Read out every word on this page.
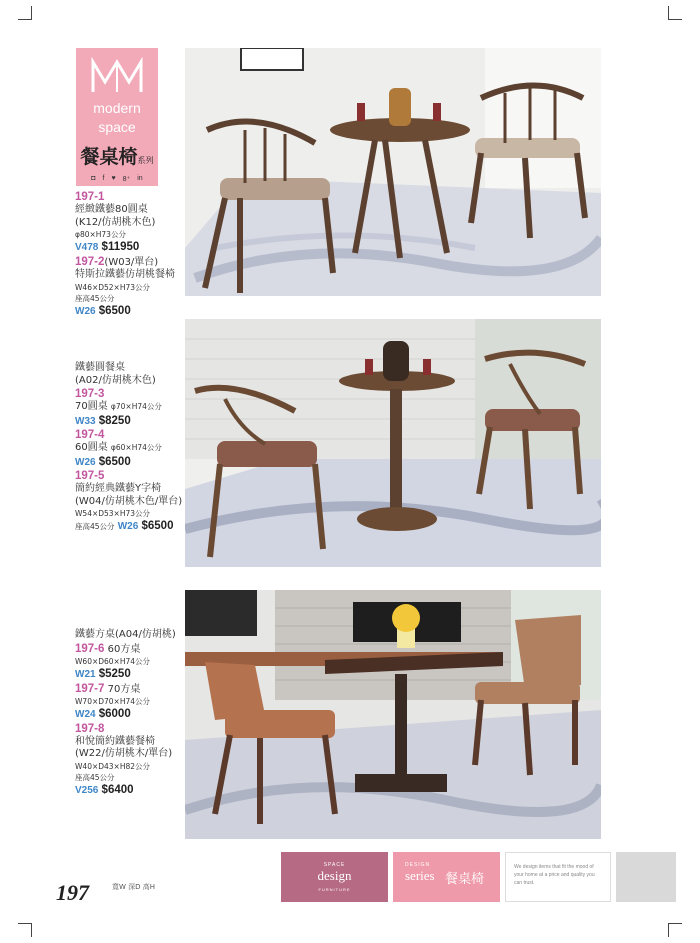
modern
space
餐桌椅系列
◘ f ♥ 8⁺ in
197-1
經緻鐵藝80圓桌
(K12/仿胡桃木色)
φ80×H73公分
V478 $11950
197-2(W03/單台)
特斯拉鐵藝仿胡桃餐椅
W46×D52×H73公分
座高45公分
W26 $6500
鐵藝圓餐桌
(A02/仿胡桃木色)
197-3
70圓桌 φ70×H74公分
W33 $8250
197-4
60圓桌 φ60×H74公分
W26 $6500
197-5
簡約經典鐵藝Y字椅
(W04/仿胡桃木色/單台)
W54×D53×H73公分
座高45公分 W26 $6500
鐵藝方桌(A04/仿胡桃)
197-6 60方桌
W60×D60×H74公分
W21 $5250
197-7 70方桌
W70×D70×H74公分
W24 $6000
197-8
和悅簡約鐵藝餐椅
(W22/仿胡桃木/單台)
W40×D43×H82公分
座高45公分
V256 $6400
197	寬W 深D 高H
SPACE
design
FURNITURE
DESIGN
series 餐桌椅
We design items that fit the mood of your home at a price and quality you can trust.
